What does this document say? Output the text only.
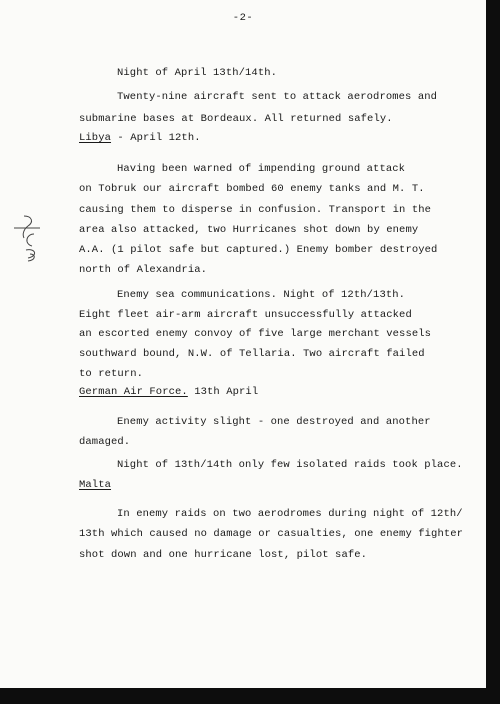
-2-
Night of April 13th/14th.
Twenty-nine aircraft sent to attack aerodromes and
submarine bases at Bordeaux. All returned safely.
Libya - April 12th.
Having been warned of impending ground attack
on Tobruk our aircraft bombed 60 enemy tanks and M. T.
causing them to disperse in confusion. Transport in the
area also attacked, two Hurricanes shot down by enemy
A.A. (1 pilot safe but captured.) Enemy bomber destroyed
north of Alexandria.
Enemy sea communications. Night of 12th/13th.
Eight fleet air-arm aircraft unsuccessfully attacked
an escorted enemy convoy of five large merchant vessels
southward bound, N.W. of Tellaria. Two aircraft failed
to return.
German Air Force. 13th April
Enemy activity slight - one destroyed and another
damaged.
Night of 13th/14th only few isolated raids took place.
Malta
In enemy raids on two aerodromes during night of 12th/
13th which caused no damage or casualties, one enemy fighter
shot down and one hurricane lost, pilot safe.
